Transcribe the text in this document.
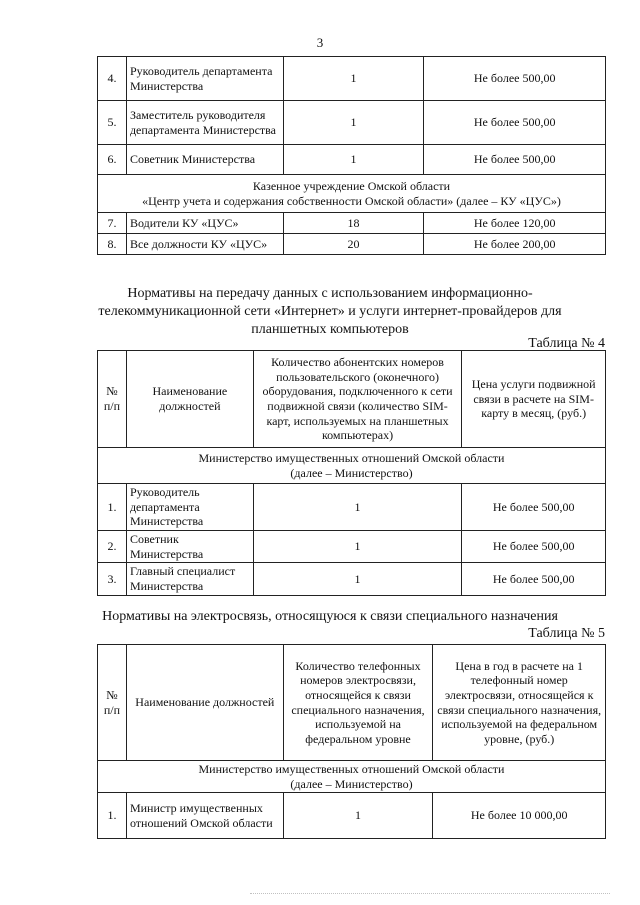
3
4.	Руководитель департамента Министерства	1	Не более 500,00
5.	Заместитель руководителя департамента Министерства	1	Не более 500,00
6.	Советник Министерства	1	Не более 500,00

Казенное учреждение Омской области
«Центр учета и содержания собственности Омской области» (далее – КУ «ЦУС»)			

7.	Водители КУ «ЦУС»	18	Не более 120,00
8.	Все должности КУ «ЦУС»	20	Не более 200,00
Нормативы на передачу данных с использованием информационно-
телекоммуникационной сети «Интернет» и услуги интернет-провайдеров для
планшетных компьютеров
Таблица № 4
№ п/п	Наименование должностей	Количество абонентских номеров пользовательского (оконечного) оборудования, подключенного к сети подвижной связи (количество SIM-карт, используемых на планшетных компьютерах)	Цена услуги подвижной связи в расчете на SIM-карту в месяц, (руб.)

Министерство имущественных отношений Омской области
(далее – Министерство)			

1.	Руководитель департамента Министерства	1	Не более 500,00
2.	Советник Министерства	1	Не более 500,00
3.	Главный специалист Министерства	1	Не более 500,00
Нормативы на электросвязь, относящуюся к связи специального назначения
Таблица № 5
№ п/п	Наименование должностей	Количество телефонных номеров электросвязи, относящейся к связи специального назначения, используемой на федеральном уровне	Цена в год в расчете на 1 телефонный номер электросвязи, относящейся к связи специального назначения, используемой на федеральном уровне, (руб.)

Министерство имущественных отношений Омской области
(далее – Министерство)			

1.	Министр имущественных отношений Омской области	1	Не более 10 000,00
